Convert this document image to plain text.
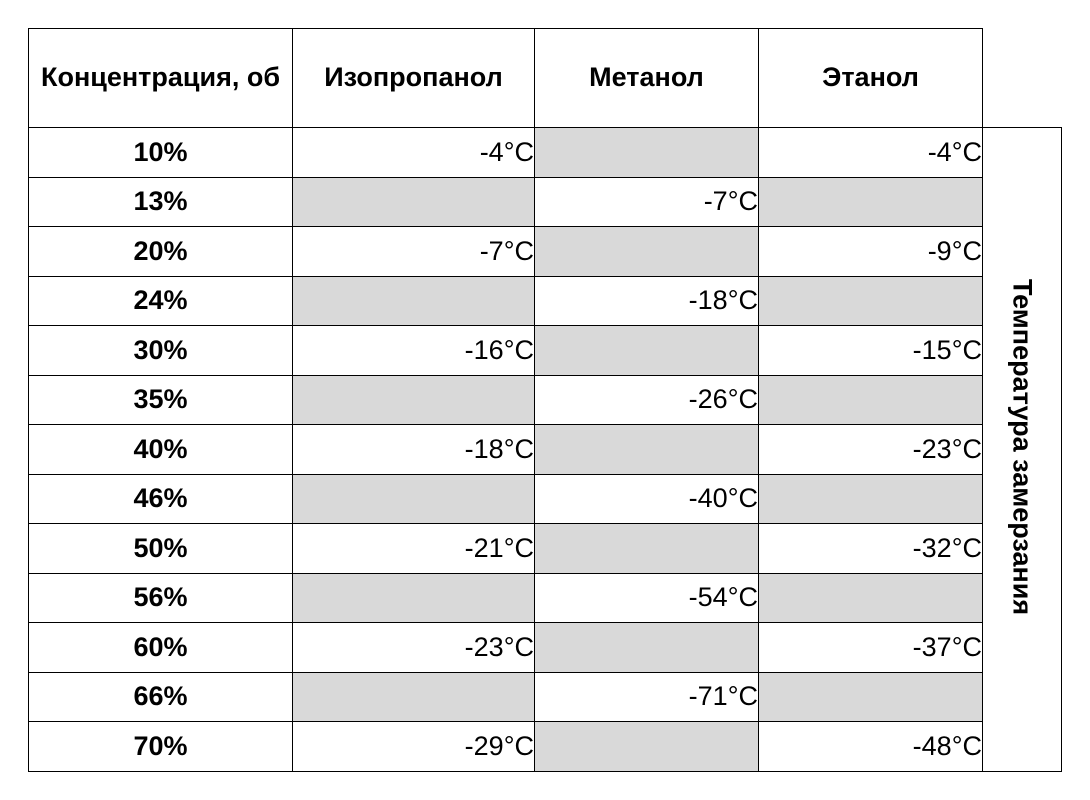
Концентрация, об	Изопропанол	Метанол	Этанол	
10%	-4°C		-4°C	Температура замерзания
13%		-7°C		
20%	-7°C		-9°C	
24%		-18°C		
30%	-16°C		-15°C	
35%		-26°C		
40%	-18°C		-23°C	
46%		-40°C		
50%	-21°C		-32°C	
56%		-54°C		
60%	-23°C		-37°C	
66%		-71°C		
70%	-29°C		-48°C	
